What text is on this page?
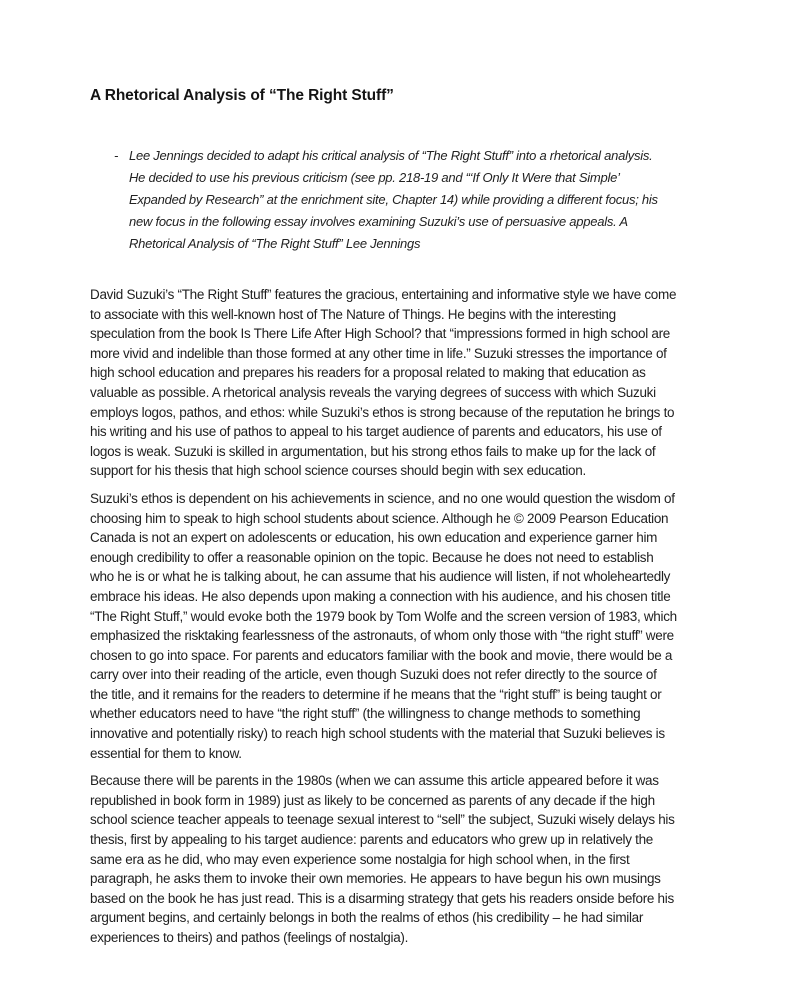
A Rhetorical Analysis of “The Right Stuff”
- Lee Jennings decided to adapt his critical analysis of “The Right Stuff” into a rhetorical analysis.
He decided to use his previous criticism (see pp. 218-19 and “‘If Only It Were that Simple’
Expanded by Research” at the enrichment site, Chapter 14) while providing a different focus; his
new focus in the following essay involves examining Suzuki’s use of persuasive appeals. A
Rhetorical Analysis of “The Right Stuff” Lee Jennings
David Suzuki’s “The Right Stuff” features the gracious, entertaining and informative style we have come
to associate with this well-known host of The Nature of Things. He begins with the interesting
speculation from the book Is There Life After High School? that “impressions formed in high school are
more vivid and indelible than those formed at any other time in life.” Suzuki stresses the importance of
high school education and prepares his readers for a proposal related to making that education as
valuable as possible. A rhetorical analysis reveals the varying degrees of success with which Suzuki
employs logos, pathos, and ethos: while Suzuki’s ethos is strong because of the reputation he brings to
his writing and his use of pathos to appeal to his target audience of parents and educators, his use of
logos is weak. Suzuki is skilled in argumentation, but his strong ethos fails to make up for the lack of
support for his thesis that high school science courses should begin with sex education.
Suzuki’s ethos is dependent on his achievements in science, and no one would question the wisdom of
choosing him to speak to high school students about science. Although he © 2009 Pearson Education
Canada is not an expert on adolescents or education, his own education and experience garner him
enough credibility to offer a reasonable opinion on the topic. Because he does not need to establish
who he is or what he is talking about, he can assume that his audience will listen, if not wholeheartedly
embrace his ideas. He also depends upon making a connection with his audience, and his chosen title
“The Right Stuff,” would evoke both the 1979 book by Tom Wolfe and the screen version of 1983, which
emphasized the risktaking fearlessness of the astronauts, of whom only those with “the right stuff” were
chosen to go into space. For parents and educators familiar with the book and movie, there would be a
carry over into their reading of the article, even though Suzuki does not refer directly to the source of
the title, and it remains for the readers to determine if he means that the “right stuff” is being taught or
whether educators need to have “the right stuff” (the willingness to change methods to something
innovative and potentially risky) to reach high school students with the material that Suzuki believes is
essential for them to know.
Because there will be parents in the 1980s (when we can assume this article appeared before it was
republished in book form in 1989) just as likely to be concerned as parents of any decade if the high
school science teacher appeals to teenage sexual interest to “sell” the subject, Suzuki wisely delays his
thesis, first by appealing to his target audience: parents and educators who grew up in relatively the
same era as he did, who may even experience some nostalgia for high school when, in the first
paragraph, he asks them to invoke their own memories. He appears to have begun his own musings
based on the book he has just read. This is a disarming strategy that gets his readers onside before his
argument begins, and certainly belongs in both the realms of ethos (his credibility – he had similar
experiences to theirs) and pathos (feelings of nostalgia).
